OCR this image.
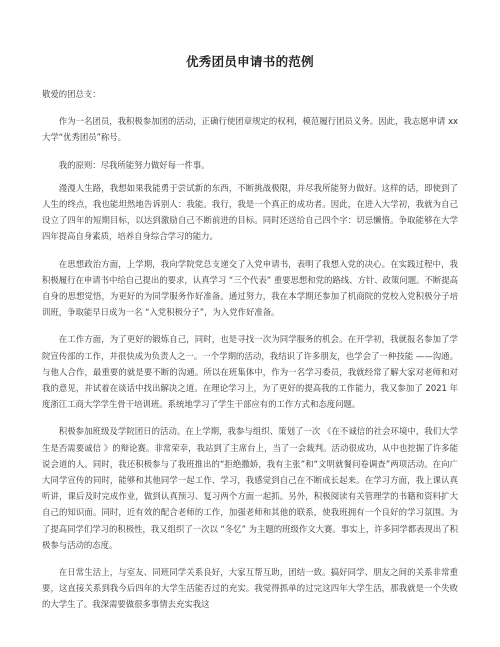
优秀团员申请书的范例

敬爱的团总支：

作为一名团员，我积极参加团的活动，正确行使团章规定的权利，模范履行团员义务。因此，我志愿申请 xx 大学“优秀团员”称号。

我的原则：尽我所能努力做好每一件事。

漫漫人生路，我想如果我能勇于尝试新的东西，不断挑战极限，并尽我所能努力做好。这样的话，即使到了人生的终点，我也能坦然地告诉别人：我能。我行，我是一个真正的成功者。因此，在进入大学初，我就为自己设立了四年的短期目标，以达到激励自己不断前进的目标。同时还送给自己四个字：切忌懒惰。争取能够在大学四年提高自身素质，培养自身综合学习的能力。

在思想政治方面，上学期，我向学院党总支递交了入党申请书，表明了我想入党的决心。在实践过程中，我积极履行在申请书中给自己提出的要求，认真学习 “三个代表” 重要思想和党的路线、方针、政策问题。不断提高自身的思想觉悟，为更好的为同学服务作好准备。通过努力，我在本学期还参加了机商院的党校入党积极分子培训班，争取能早日成为一名 “入党积极分子”，为入党作好准备。

在工作方面，为了更好的锻炼自己，同时，也是寻找一次为同学服务的机会。在开学初，我就报名参加了学院宣传部的工作，并很快成为负责人之一。一个学期的活动，我结识了许多朋友，也学会了一种技能 ——沟通。与他人合作，最重要的就是要不断的沟通。所以在班集体中，作为一名学习委员，我就经常了解大家对老师和对我的意见，并试着在谈话中找出解决之道。在理论学习上，为了更好的提高我的工作能力，我又参加了 2021 年度浙江工商大学学生骨干培训班。系统地学习了学生干部应有的工作方式和态度问题。

积极参加班级及学院团日的活动。在上学期，我参与组织、策划了一次 《在不诚信的社会环境中，我们大学生是否需要诚信 》的辩论赛。非常荣幸，我站到了主席台上，当了一会裁判。活动很成功，从中也挖掘了许多能说会道的人。同时，我还积极参与了我班推出的“拒绝撒娇，我有主张”和“文明就餐问卷调查”两项活动。在向广大同学宣传的同时，能够和其他同学一起工作、学习，我感觉到自己在不断成长起来。在学习方面，我上课认真听讲，课后及时完成作业，做到认真预习、复习两个方面一起抓。另外，积极阅读有关管理学的书籍和资料扩大自己的知识面。同时，近有效的配合老师的工作，加强老师和其他的联系，使我班拥有一个良好的学习氛围。为了提高同学们学习的积极性，我又组织了一次以 “冬忆” 为主题的班级作文大赛。事实上，许多同学都表现出了积极参与活动的态度。

在日常生活上，与室友、同班同学关系良好，大家互帮互助，团结一致。搞好同学、朋友之间的关系非常重要，这直接关系到我今后四年的大学生活能否过的充实。我觉得抓单的过完这四年大学生活，那我就是一个失败的大学生了。我深需要做很多事情去充实我这
